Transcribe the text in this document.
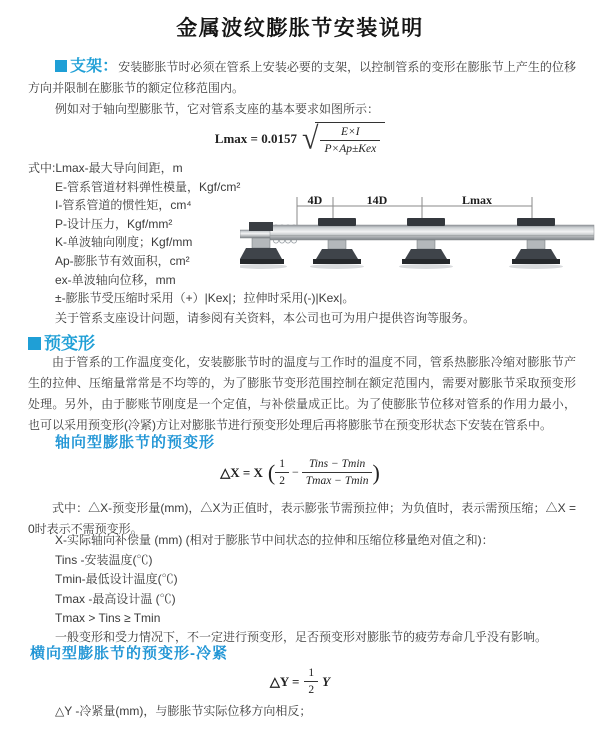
金属波纹膨胀节安装说明
支架：安装膨胀节时必须在管系上安装必要的支架，以控制管系的变形在膨胀节上产生的位移方向并限制在膨胀节的额定位移范围内。
例如对于轴向型膨胀节，它对管系支座的基本要求如图所示：
Lmax = 0.0157 √ $\frac{E\times I}{\text{P×Ap±Kex}}$
式中:Lmax-最大导向间距，m
E-管系管道材料弹性模量，Kgf/cm²
I-管系管道的惯性矩，cm⁴
P-设计压力，Kgf/mm²
K-单波轴向刚度；Kgf/mm
Ap-膨胀节有效面积，cm²
ex-单波轴向位移，mm
4D	14D	Lmax
±-膨胀节受压缩时采用（+）|Kex|；拉伸时采用(-)|Kex|。
关于管系支座设计问题，请参阅有关资料，本公司也可为用户提供咨询等服务。
预变形
由于管系的工作温度变化，安装膨胀节时的温度与工作时的温度不同，管系热膨胀冷缩对膨胀节产生的拉伸、压缩量常常是不均等的，为了膨胀节变形范围控制在额定范围内，需要对膨胀节采取预变形处理。另外，由于膨账节刚度是一个定值，与补偿量成正比。为了使膨胀节位移对管系的作用力最小，也可以采用预变形(冷紧)方让对膨胀节进行预变形处理后再将膨胀节在预变形状态下安装在管系中。
轴向型膨胀节的预变形
△X = X ( $\frac{1}{2} - \frac{\text{Tins − Tmin}}{Tmax - Tmin}$ )
式中：△X-预变形量(mm)，△X为正值时，表示膨张节需预拉伸；为负值时，表示需预压缩；△X = 0时表示不需预变形。
X-实际轴向补偿量 (mm) (相对于膨胀节中间状态的拉伸和压缩位移量绝对值之和)：
Tins -安装温度(℃)
Tmin-最低设计温度(℃)
Tmax -最高设计温 (℃)
Tmax > Tins ≥ Tmin
一般变形和受力情况下，不一定进行预变形，足否预变形对膨胀节的疲劳寿命几乎没有影响。
横向型膨胀节的预变形-冷紧
△Y = $\frac{1}{2}$ Y
△Y -冷紧量(mm)，与膨胀节实际位移方向相反；
